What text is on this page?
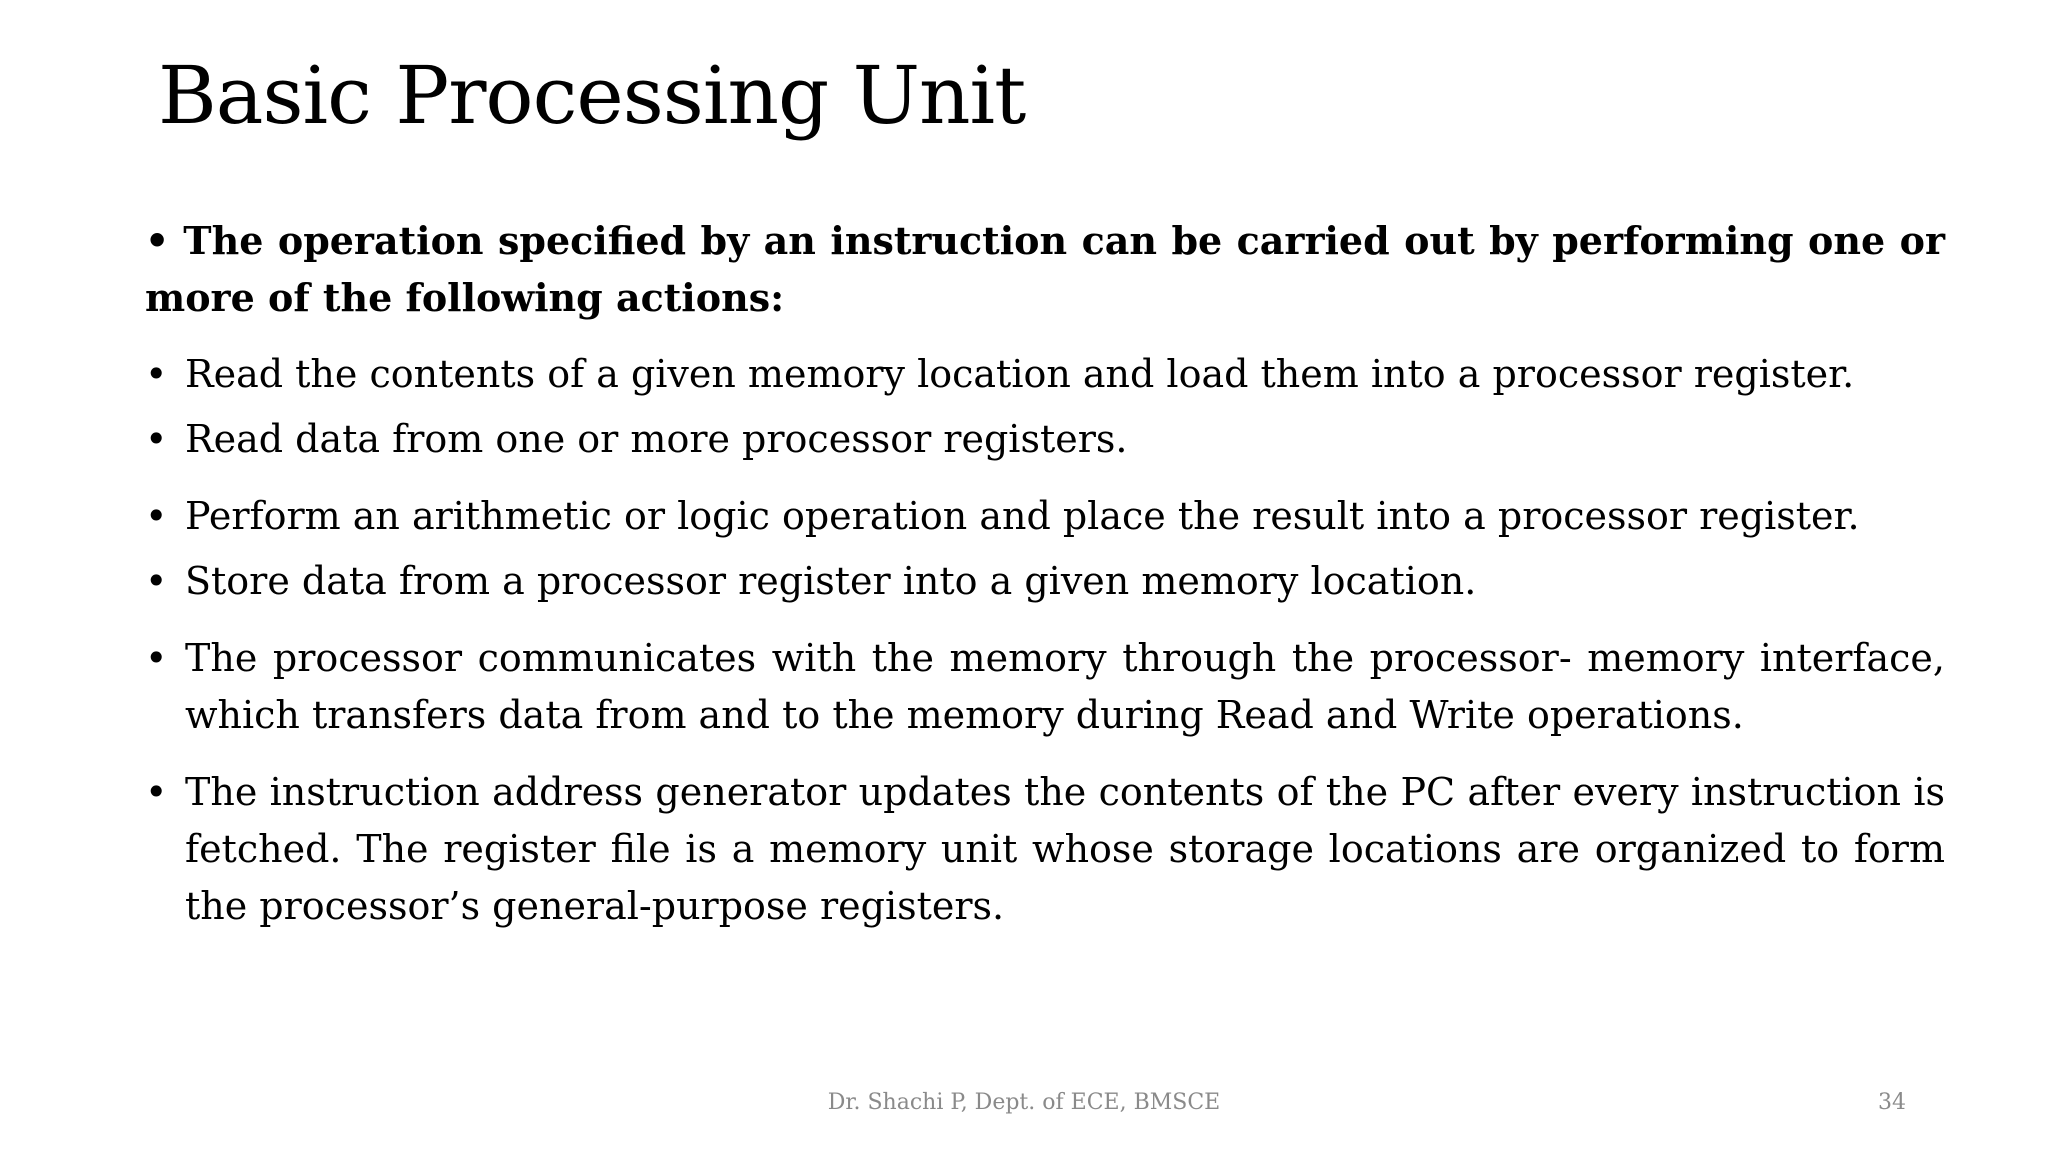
Basic Processing Unit
• The operation specified by an instruction can be carried out by performing one or more of the following actions:
• Read the contents of a given memory location and load them into a processor register.
• Read data from one or more processor registers.
• Perform an arithmetic or logic operation and place the result into a processor register.
• Store data from a processor register into a given memory location.
• The processor communicates with the memory through the processor- memory interface, which transfers data from and to the memory during Read and Write operations.
• The instruction address generator updates the contents of the PC after every instruction is fetched. The register file is a memory unit whose storage locations are organized to form the processor’s general-purpose registers.
Dr. Shachi P, Dept. of ECE, BMSCE	34
